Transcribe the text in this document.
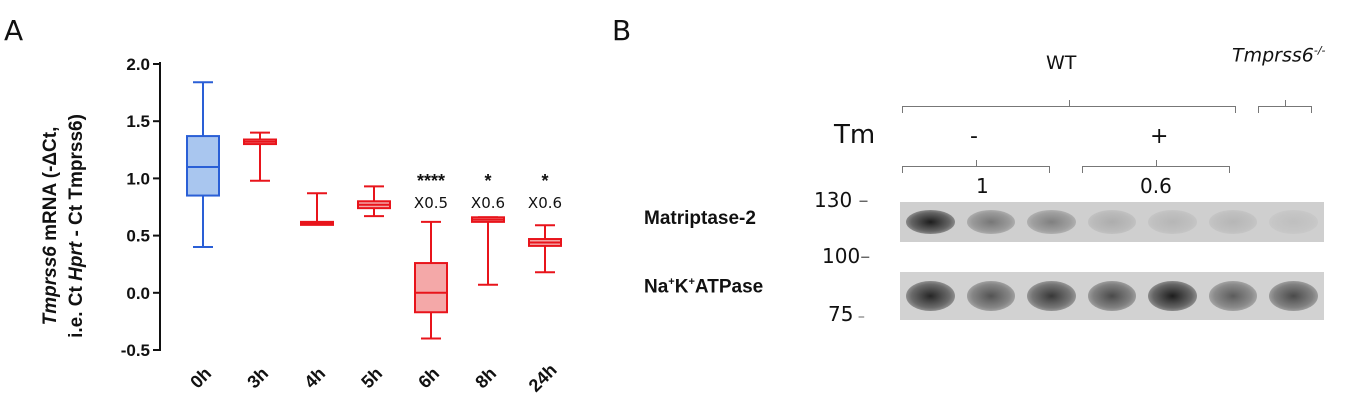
A
Tmprss6 mRNA (-ΔCt,
i.e. Ct Hprt - Ct Tmprss6)
2.0
1.5
1.0
0.5
0.0
-0.5
0h 3h 4h 5h 6h 8h 24h
****
X0.5
*
X0.6
*
X0.6
B
WT	Tmprss6-/-
Tm	-	+
1	0.6
Matriptase-2
Na+K+ATPase
130 –
100–
75 –
